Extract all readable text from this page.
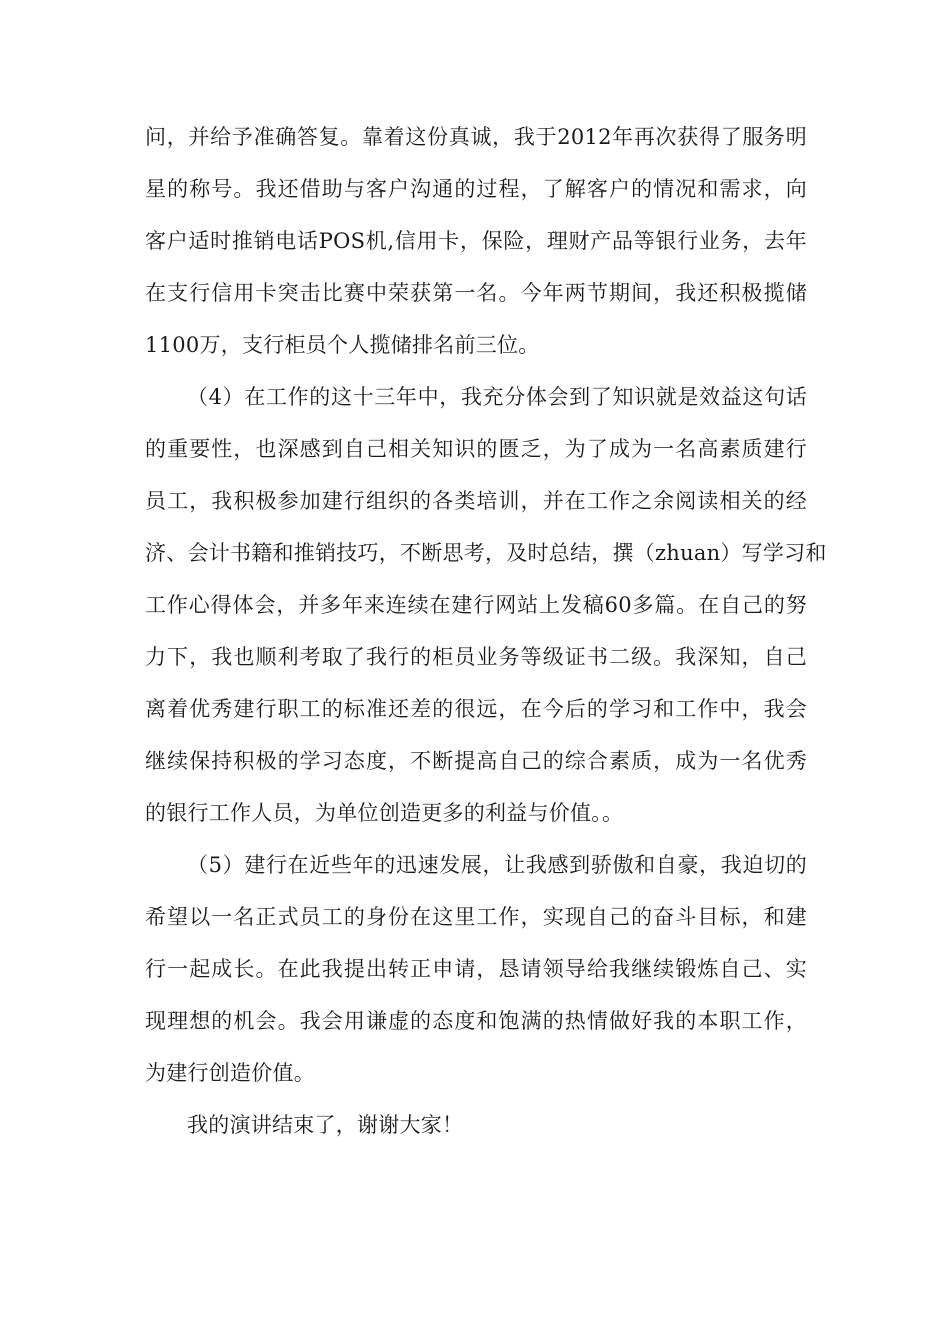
问，并给予准确答复。靠着这份真诚，我于2012年再次获得了服务明
星的称号。我还借助与客户沟通的过程，了解客户的情况和需求，向
客户适时推销电话POS机,信用卡，保险，理财产品等银行业务，去年
在支行信用卡突击比赛中荣获第一名。今年两节期间，我还积极揽储
1100万，支行柜员个人揽储排名前三位。
（4）在工作的这十三年中，我充分体会到了知识就是效益这句话
的重要性，也深感到自己相关知识的匮乏，为了成为一名高素质建行
员工，我积极参加建行组织的各类培训，并在工作之余阅读相关的经
济、会计书籍和推销技巧，不断思考，及时总结，撰（zhuan）写学习和
工作心得体会，并多年来连续在建行网站上发稿60多篇。在自己的努
力下，我也顺利考取了我行的柜员业务等级证书二级。我深知，自己
离着优秀建行职工的标准还差的很远，在今后的学习和工作中，我会
继续保持积极的学习态度，不断提高自己的综合素质，成为一名优秀
的银行工作人员，为单位创造更多的利益与价值。。
（5）建行在近些年的迅速发展，让我感到骄傲和自豪，我迫切的
希望以一名正式员工的身份在这里工作，实现自己的奋斗目标，和建
行一起成长。在此我提出转正申请，恳请领导给我继续锻炼自己、实
现理想的机会。我会用谦虚的态度和饱满的热情做好我的本职工作，
为建行创造价值。
我的演讲结束了，谢谢大家！
